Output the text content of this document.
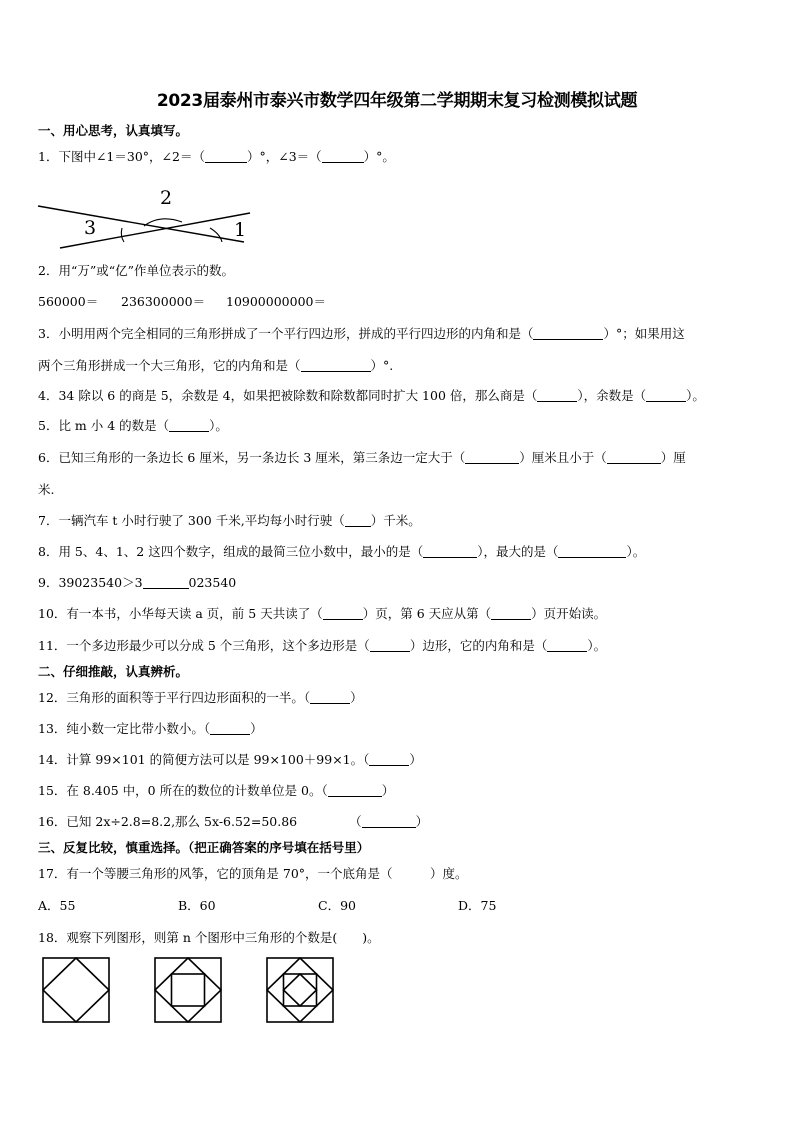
2023届泰州市泰兴市数学四年级第二学期期末复习检测模拟试题
一、用心思考，认真填写。
1．下图中∠1＝30°，∠2＝（	）°，∠3＝（	）°。
2
3	1
2．用“万”或“亿”作单位表示的数。
560000＝ 236300000＝ 10900000000＝
3．小明用两个完全相同的三角形拼成了一个平行四边形，拼成的平行四边形的内角和是（	）°；如果用这
两个三角形拼成一个大三角形，它的内角和是（	）°.
4．34 除以 6 的商是 5，余数是 4，如果把被除数和除数都同时扩大 100 倍，那么商是（	），余数是（	）。
5．比 m 小 4 的数是（	）。
6．已知三角形的一条边长 6 厘米，另一条边长 3 厘米，第三条边一定大于（	）厘米且小于（	）厘
米.
7．一辆汽车 t 小时行驶了 300 千米,平均每小时行驶（ ）千米。
8．用 5、4、1、2 这四个数字，组成的最简三位小数中，最小的是（	），最大的是（	）。
9．39023540＞3	023540
10．有一本书，小华每天读 a 页，前 5 天共读了（	）页，第 6 天应从第（	）页开始读。
11．一个多边形最少可以分成 5 个三角形，这个多边形是（	）边形，它的内角和是（	）。
二、仔细推敲，认真辨析。
12．三角形的面积等于平行四边形面积的一半。（	）
13．纯小数一定比带小数小。（	）
14．计算 99×101 的简便方法可以是 99×100＋99×1。（	）
15．在 8.405 中，0 所在的数位的计数单位是 0。（	）
16．已知 2x÷2.8=8.2,那么 5x-6.52=50.86	（	）
三、反复比较，慎重选择。（把正确答案的序号填在括号里）
17．有一个等腰三角形的风筝，它的顶角是 70°，一个底角是（　　　）度。
A．55	B．60	C．90	D．75
18．观察下列图形，则第 n 个图形中三角形的个数是(　　)。
